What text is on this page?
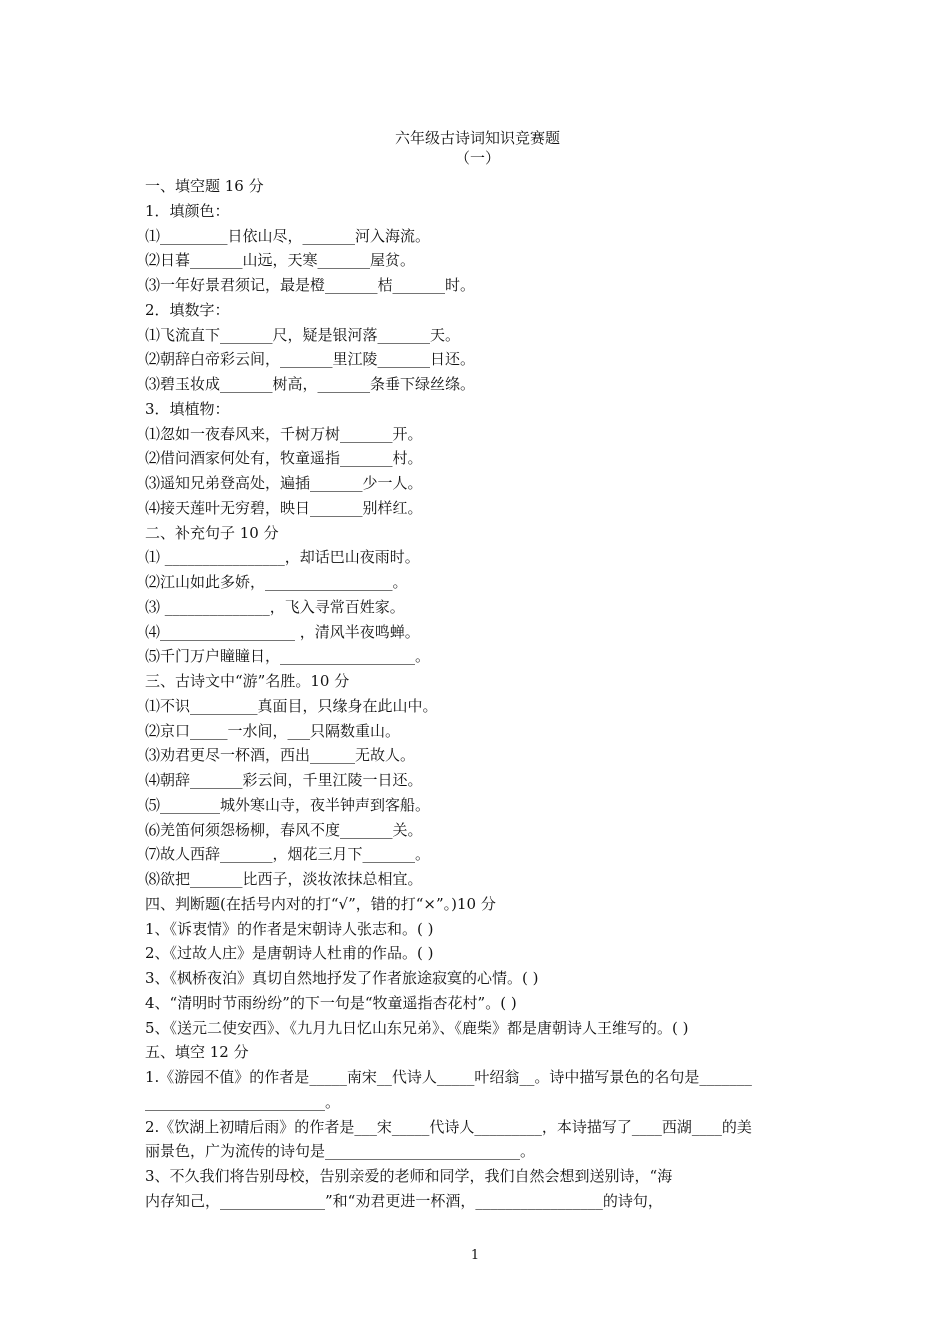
六年级古诗词知识竞赛题
（一）
一、填空题 16 分
1．填颜色：
⑴_________日依山尽，_______河入海流。
⑵日暮_______山远，天寒_______屋贫。
⑶一年好景君须记，最是橙_______桔_______时。
2．填数字：
⑴飞流直下_______尺，疑是银河落_______天。
⑵朝辞白帝彩云间，_______里江陵_______日还。
⑶碧玉妆成_______树高，_______条垂下绿丝绦。
3．填植物：
⑴忽如一夜春风来，千树万树_______开。
⑵借问酒家何处有，牧童遥指_______村。
⑶遥知兄弟登高处，遍插_______少一人。
⑷接天莲叶无穷碧，映日_______别样红。
二、补充句子 10 分
⑴ ________________，却话巴山夜雨时。
⑵江山如此多娇，_________________。
⑶ ______________，飞入寻常百姓家。
⑷__________________ ，清风半夜鸣蝉。
⑸千门万户瞳瞳日，__________________。
三、古诗文中“游”名胜。10 分
⑴不识_________真面目，只缘身在此山中。
⑵京口_____一水间，___只隔数重山。
⑶劝君更尽一杯酒，西出______无故人。
⑷朝辞_______彩云间，千里江陵一日还。
⑸________城外寒山寺，夜半钟声到客船。
⑹羌笛何须怨杨柳，春风不度_______关。
⑺故人西辞_______，烟花三月下_______。
⑻欲把_______比西子，淡妆浓抹总相宜。
四、判断题(在括号内对的打“√”，错的打“×”。)10 分
1、《诉衷情》的作者是宋朝诗人张志和。( )
2、《过故人庄》是唐朝诗人杜甫的作品。( )
3、《枫桥夜泊》真切自然地抒发了作者旅途寂寞的心情。( )
4、“清明时节雨纷纷”的下一句是“牧童遥指杏花村”。( )
5、《送元二使安西》、《九月九日忆山东兄弟》、《鹿柴》都是唐朝诗人王维写的。( )
五、填空 12 分
1.《游园不值》的作者是_____南宋__代诗人_____叶绍翁__。诗中描写景色的名句是_______
________________________。
2.《饮湖上初晴后雨》的作者是___宋_____代诗人_________，本诗描写了____西湖____的美
丽景色，广为流传的诗句是__________________________。
3、不久我们将告别母校，告别亲爱的老师和同学，我们自然会想到送别诗，“海
内存知己，______________”和“劝君更进一杯酒，_________________的诗句，
1
